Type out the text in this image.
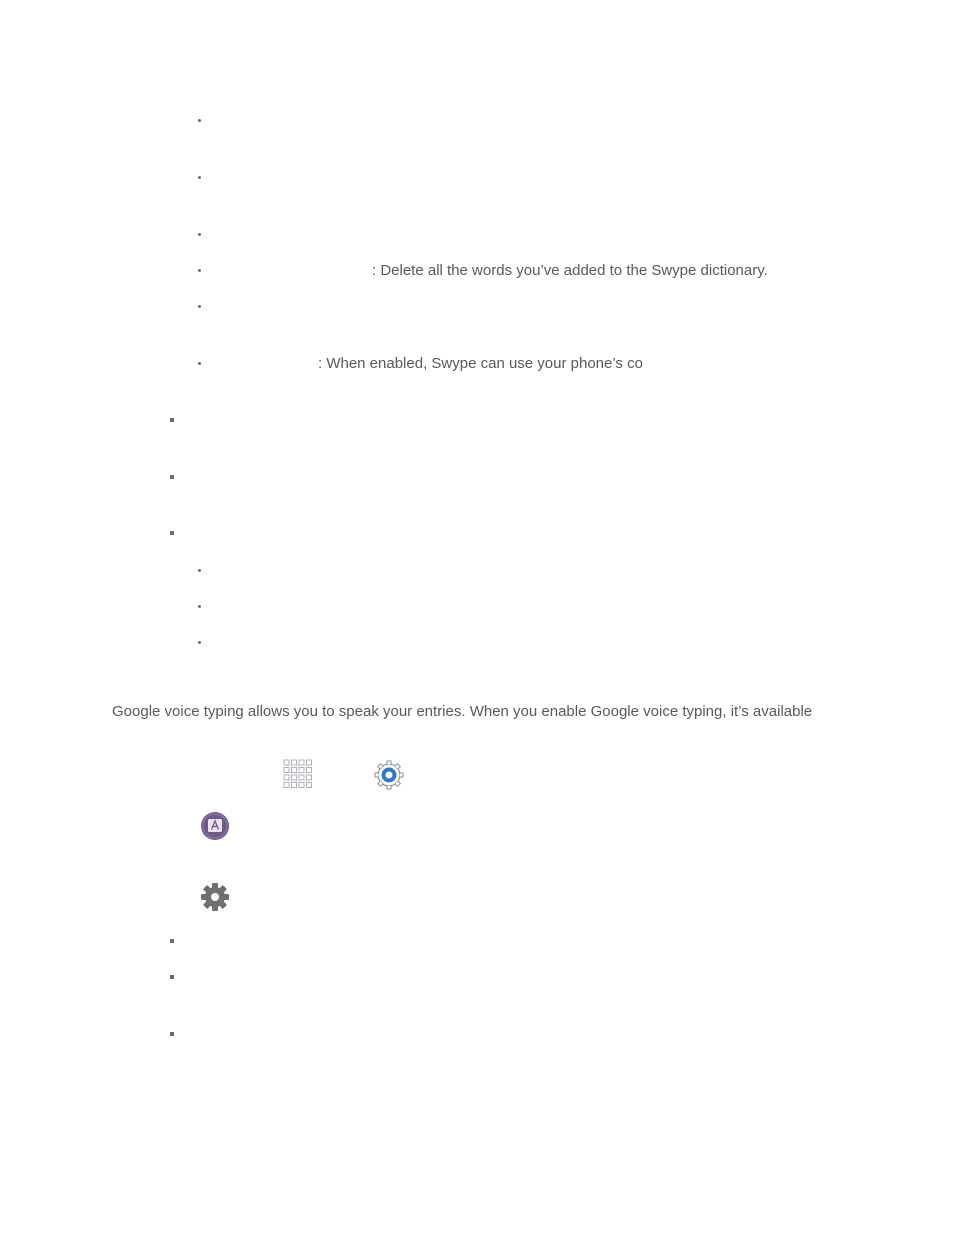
: Delete all the words you’ve added to the Swype dictionary.
: When enabled, Swype can use your phone’s co
Google voice typing allows you to speak your entries. When you enable Google voice typing, it’s available
